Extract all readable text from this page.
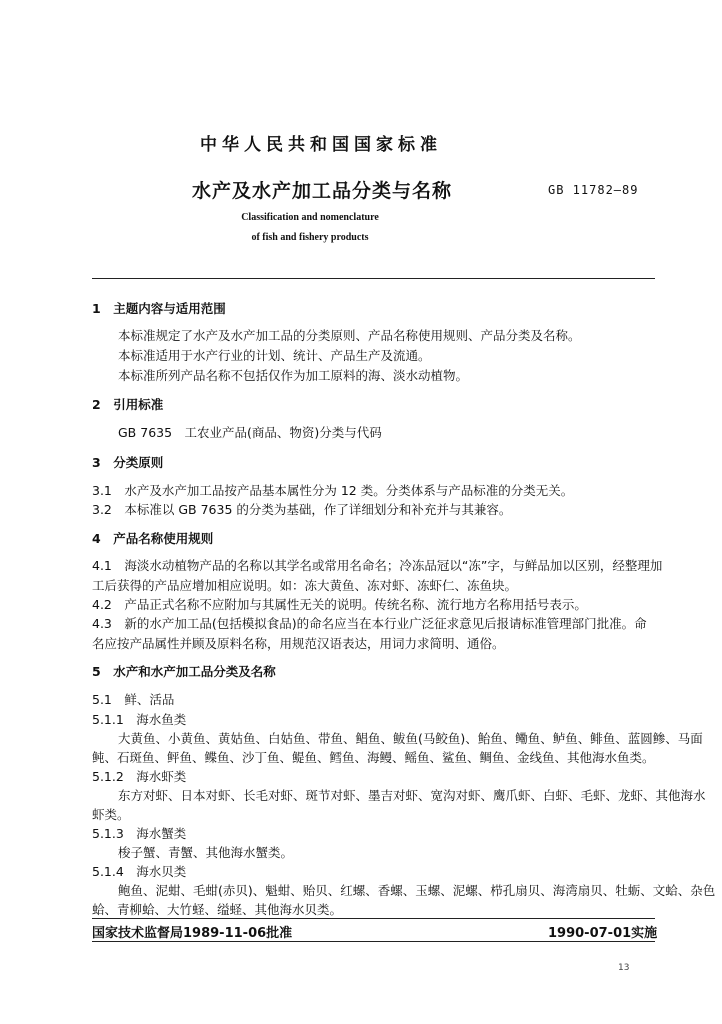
中华人民共和国国家标准
水产及水产加工品分类与名称	GB 11782—89
Classification and nomenclature
of fish and fishery products
1　主题内容与适用范围
本标准规定了水产及水产加工品的分类原则、产品名称使用规则、产品分类及名称。
本标准适用于水产行业的计划、统计、产品生产及流通。
本标准所列产品名称不包括仅作为加工原料的海、淡水动植物。
2　引用标准
GB 7635　工农业产品(商品、物资)分类与代码
3　分类原则
3.1　水产及水产加工品按产品基本属性分为 12 类。分类体系与产品标准的分类无关。
3.2　本标准以 GB 7635 的分类为基础，作了详细划分和补充并与其兼容。
4　产品名称使用规则
4.1　海淡水动植物产品的名称以其学名或常用名命名；冷冻品冠以“冻”字，与鲜品加以区别，经整理加
工后获得的产品应增加相应说明。如：冻大黄鱼、冻对虾、冻虾仁、冻鱼块。
4.2　产品正式名称不应附加与其属性无关的说明。传统名称、流行地方名称用括号表示。
4.3　新的水产加工品(包括模拟食品)的命名应当在本行业广泛征求意见后报请标准管理部门批准。命
名应按产品属性并顾及原料名称，用规范汉语表达，用词力求简明、通俗。
5　水产和水产加工品分类及名称
5.1　鲜、活品
5.1.1　海水鱼类
大黄鱼、小黄鱼、黄姑鱼、白姑鱼、带鱼、鲳鱼、鲅鱼(马鲛鱼)、鲐鱼、鳓鱼、鲈鱼、鲱鱼、蓝圆鲹、马面
鲀、石斑鱼、鲆鱼、鲽鱼、沙丁鱼、鳀鱼、鳕鱼、海鳗、鳐鱼、鲨鱼、鲷鱼、金线鱼、其他海水鱼类。
5.1.2　海水虾类
东方对虾、日本对虾、长毛对虾、斑节对虾、墨吉对虾、宽沟对虾、鹰爪虾、白虾、毛虾、龙虾、其他海水
虾类。
5.1.3　海水蟹类
梭子蟹、青蟹、其他海水蟹类。
5.1.4　海水贝类
鲍鱼、泥蚶、毛蚶(赤贝)、魁蚶、贻贝、红螺、香螺、玉螺、泥螺、栉孔扇贝、海湾扇贝、牡蛎、文蛤、杂色
蛤、青柳蛤、大竹蛏、缢蛏、其他海水贝类。
国家技术监督局1989-11-06批准	1990-07-01实施
13
